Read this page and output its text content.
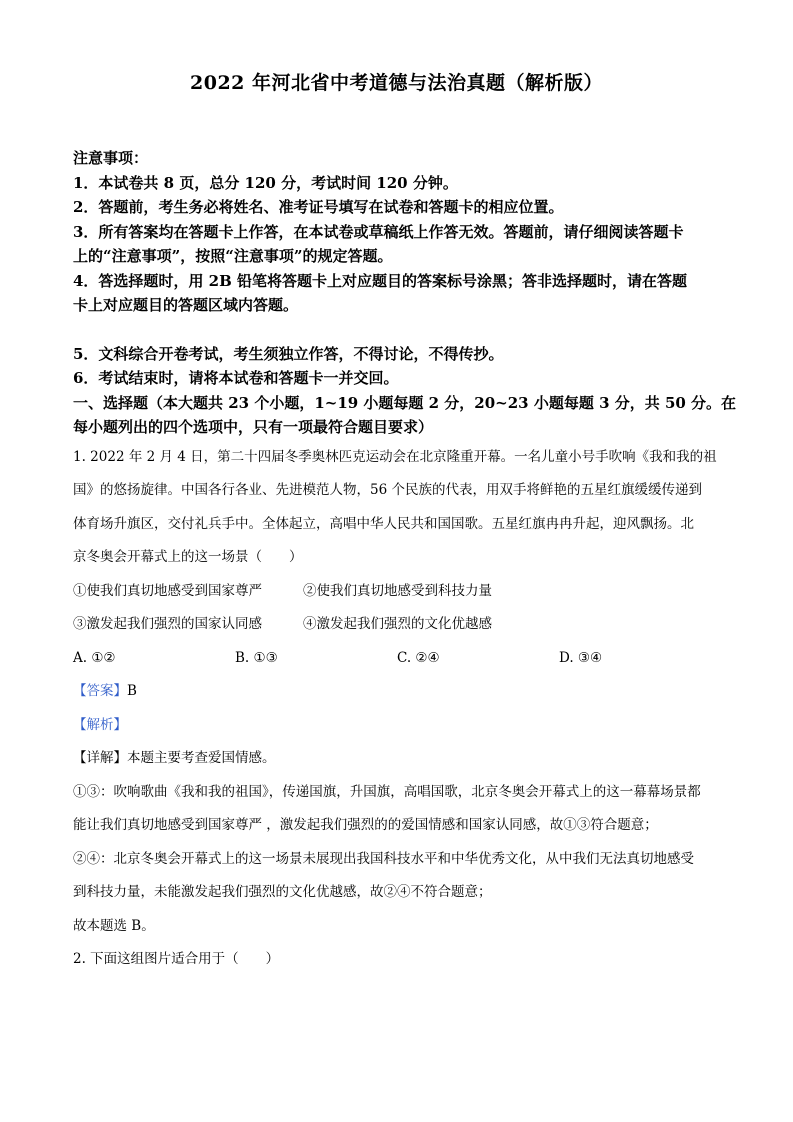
2022 年河北省中考道德与法治真题（解析版）
注意事项：
1．本试卷共 8 页，总分 120 分，考试时间 120 分钟。
2．答题前，考生务必将姓名、准考证号填写在试卷和答题卡的相应位置。
3．所有答案均在答题卡上作答，在本试卷或草稿纸上作答无效。答题前，请仔细阅读答题卡
上的“注意事项”，按照“注意事项”的规定答题。
4．答选择题时，用 2B 铅笔将答题卡上对应题目的答案标号涂黑；答非选择题时，请在答题
卡上对应题目的答题区域内答题。
5．文科综合开卷考试，考生须独立作答，不得讨论，不得传抄。
6．考试结束时，请将本试卷和答题卡一并交回。
一、选择题（本大题共 23 个小题，1~19 小题每题 2 分，20~23 小题每题 3 分，共 50 分。在
每小题列出的四个选项中，只有一项最符合题目要求）
1. 2022 年 2 月 4 日，第二十四届冬季奥林匹克运动会在北京隆重开幕。一名儿童小号手吹响《我和我的祖
国》的悠扬旋律。中国各行各业、先进模范人物，56 个民族的代表，用双手将鲜艳的五星红旗缓缓传递到
体育场升旗区，交付礼兵手中。全体起立，高唱中华人民共和国国歌。五星红旗冉冉升起，迎风飘扬。北
京冬奥会开幕式上的这一场景（　　）
①使我们真切地感受到国家尊严	②使我们真切地感受到科技力量
③激发起我们强烈的国家认同感	④激发起我们强烈的文化优越感
A. ①②	B. ①③	C. ②④	D. ③④
【答案】B
【解析】
【详解】本题主要考查爱国情感。
①③：吹响歌曲《我和我的祖国》，传递国旗，升国旗，高唱国歌，北京冬奥会开幕式上的这一幕幕场景都
能让我们真切地感受到国家尊严 ，激发起我们强烈的的爱国情感和国家认同感，故①③符合题意；
②④：北京冬奥会开幕式上的这一场景未展现出我国科技水平和中华优秀文化，从中我们无法真切地感受
到科技力量，未能激发起我们强烈的文化优越感，故②④不符合题意；
故本题选 B。
2. 下面这组图片适合用于（　　）
